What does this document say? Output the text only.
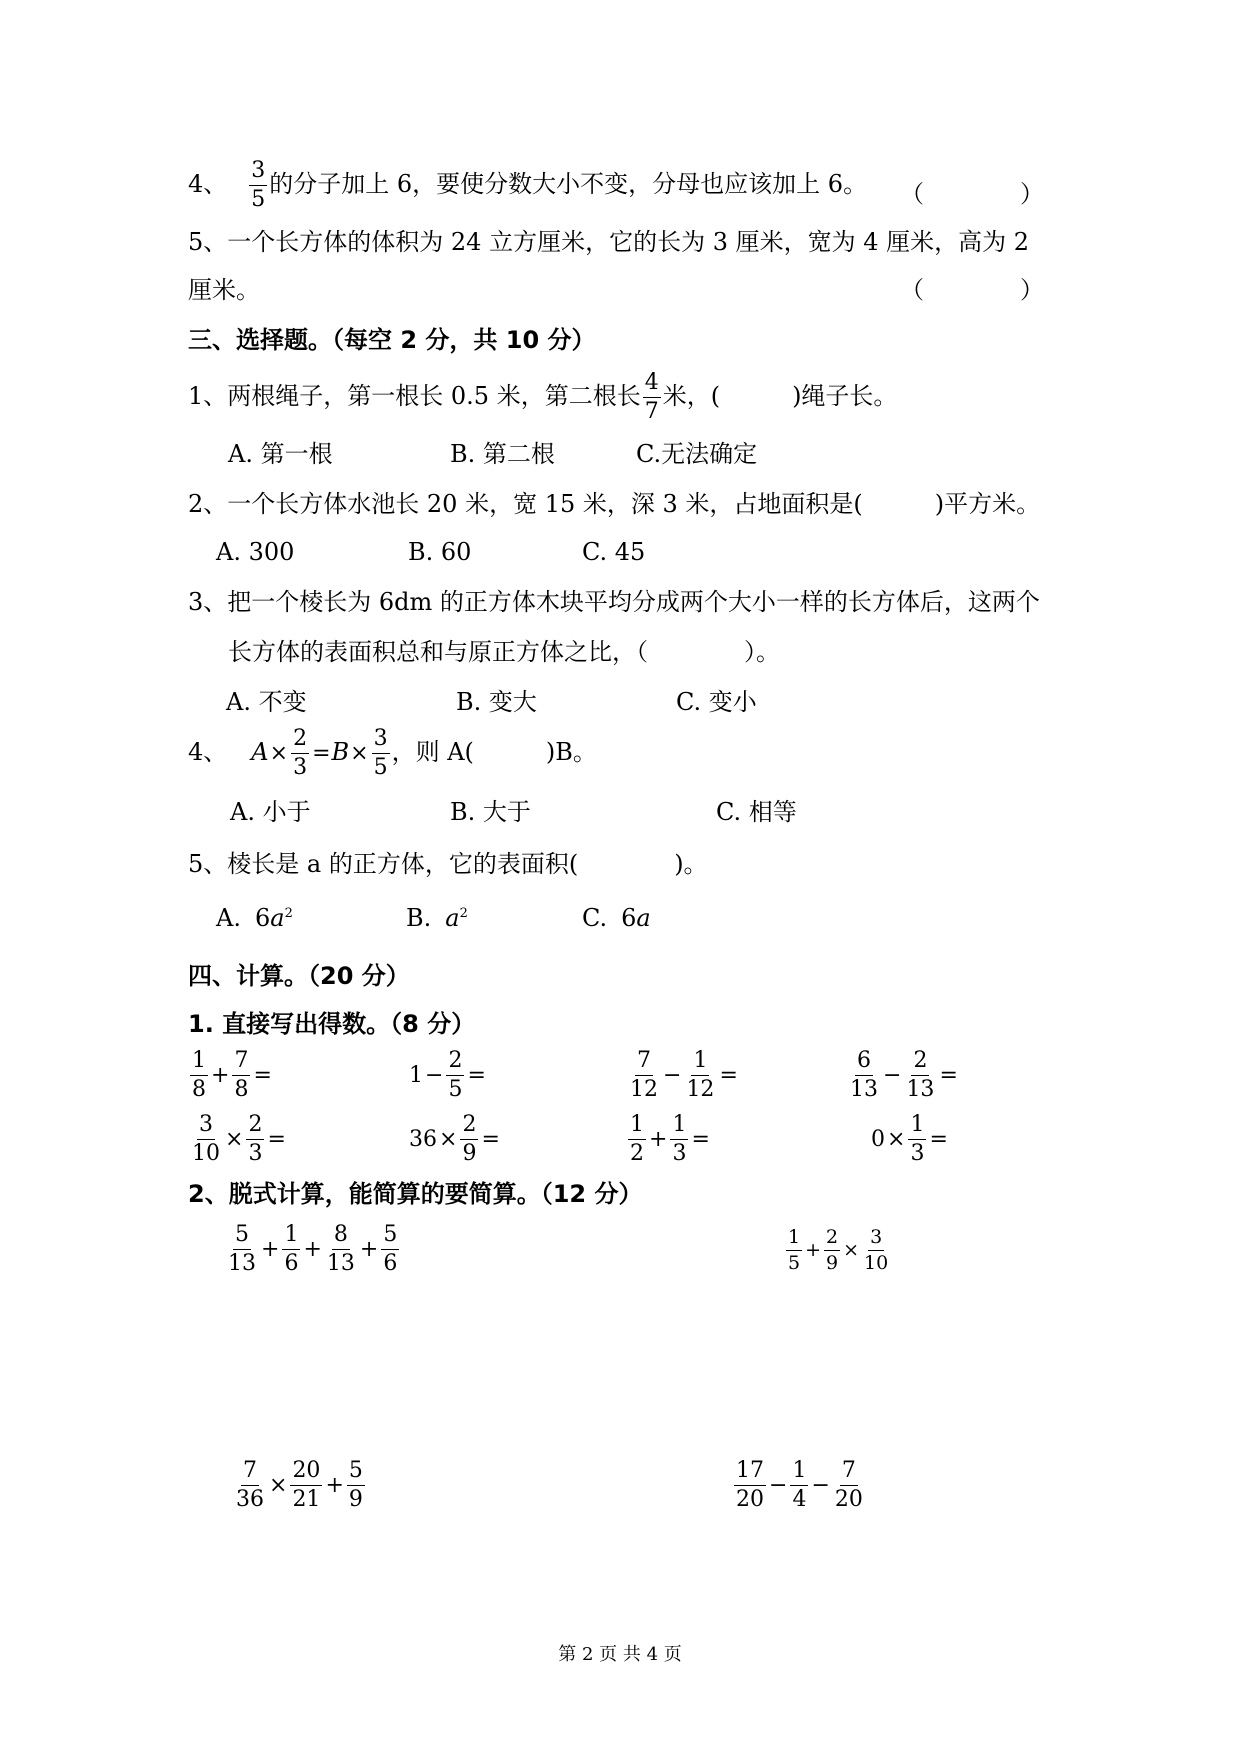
4、 $\frac{3}{5}$ 的分子加上 6，要使分数大小不变，分母也应该加上 6。 （　　　　）
5、一个长方体的体积为 24 立方厘米，它的长为 3 厘米，宽为 4 厘米，高为 2
厘米。	（　　　　）
三、选择题。（每空 2 分，共 10 分）
1、两根绳子，第一根长 0.5 米，第二根长 $\frac{4}{7}$ 米，(　　　)绳子长。
A. 第一根	B. 第二根	C.无法确定
2、一个长方体水池长 20 米，宽 15 米，深 3 米，占地面积是(　　　)平方米。
A. 300	B. 60	C. 45
3、把一个棱长为 6dm 的正方体木块平均分成两个大小一样的长方体后，这两个
长方体的表面积总和与原正方体之比，（　　　　）。
A. 不变	B. 变大	C. 变小
4、 $A\times \frac{2}{3} =B\times \frac{3}{5}$ ，则 A(　　　)B。
A. 小于	B. 大于	C. 相等
5、棱长是 a 的正方体，它的表面积(　　　　)。
A. $6a^2$	B. $a^2$	C. 6a
四、计算。（20 分）
1. 直接写出得数。（8 分）
$\frac{1}{8} + \frac{7}{8}$ =	$1- \frac{2}{5}$ =	$\frac{7}{12} - \frac{1}{12}$ =	$\frac{6}{13} - \frac{2}{13}$ =
$\frac{3}{10} \times \frac{2}{3}$ =	$36\times \frac{2}{9}$ =	$\frac{1}{2} + \frac{1}{3}$ =	$0\times \frac{1}{3}$ =
2、脱式计算，能简算的要简算。（12 分）
$\frac{5}{13} + \frac{1}{6} + \frac{8}{13} + \frac{5}{6}$	$\frac{1}{5} + \frac{2}{9} \times \frac{3}{10}$
$\frac{7}{36} \times \frac{20}{21} + \frac{5}{9}$	$\frac{17}{20} - \frac{1}{4} - \frac{7}{20}$
第 2 页 共 4 页
